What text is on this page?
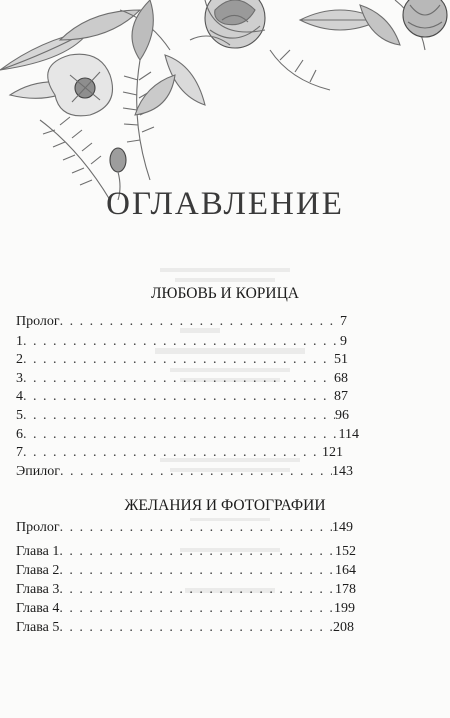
ОГЛАВЛЕНИЕ
ЛЮБОВЬ И КОРИЦА
Пролог . . .	7
1 . . .	9
2 . . .	51
3 . . .	68
4 . . .	87
5 . . .	96
6 . . .	114
7 . . .	121
Эпилог . . .	143
ЖЕЛАНИЯ И ФОТОГРАФИИ
Пролог . . .	149
Глава 1 . . .	152
Глава 2 . . .	164
Глава 3 . . .	178
Глава 4 . . .	199
Глава 5 . . .	208
